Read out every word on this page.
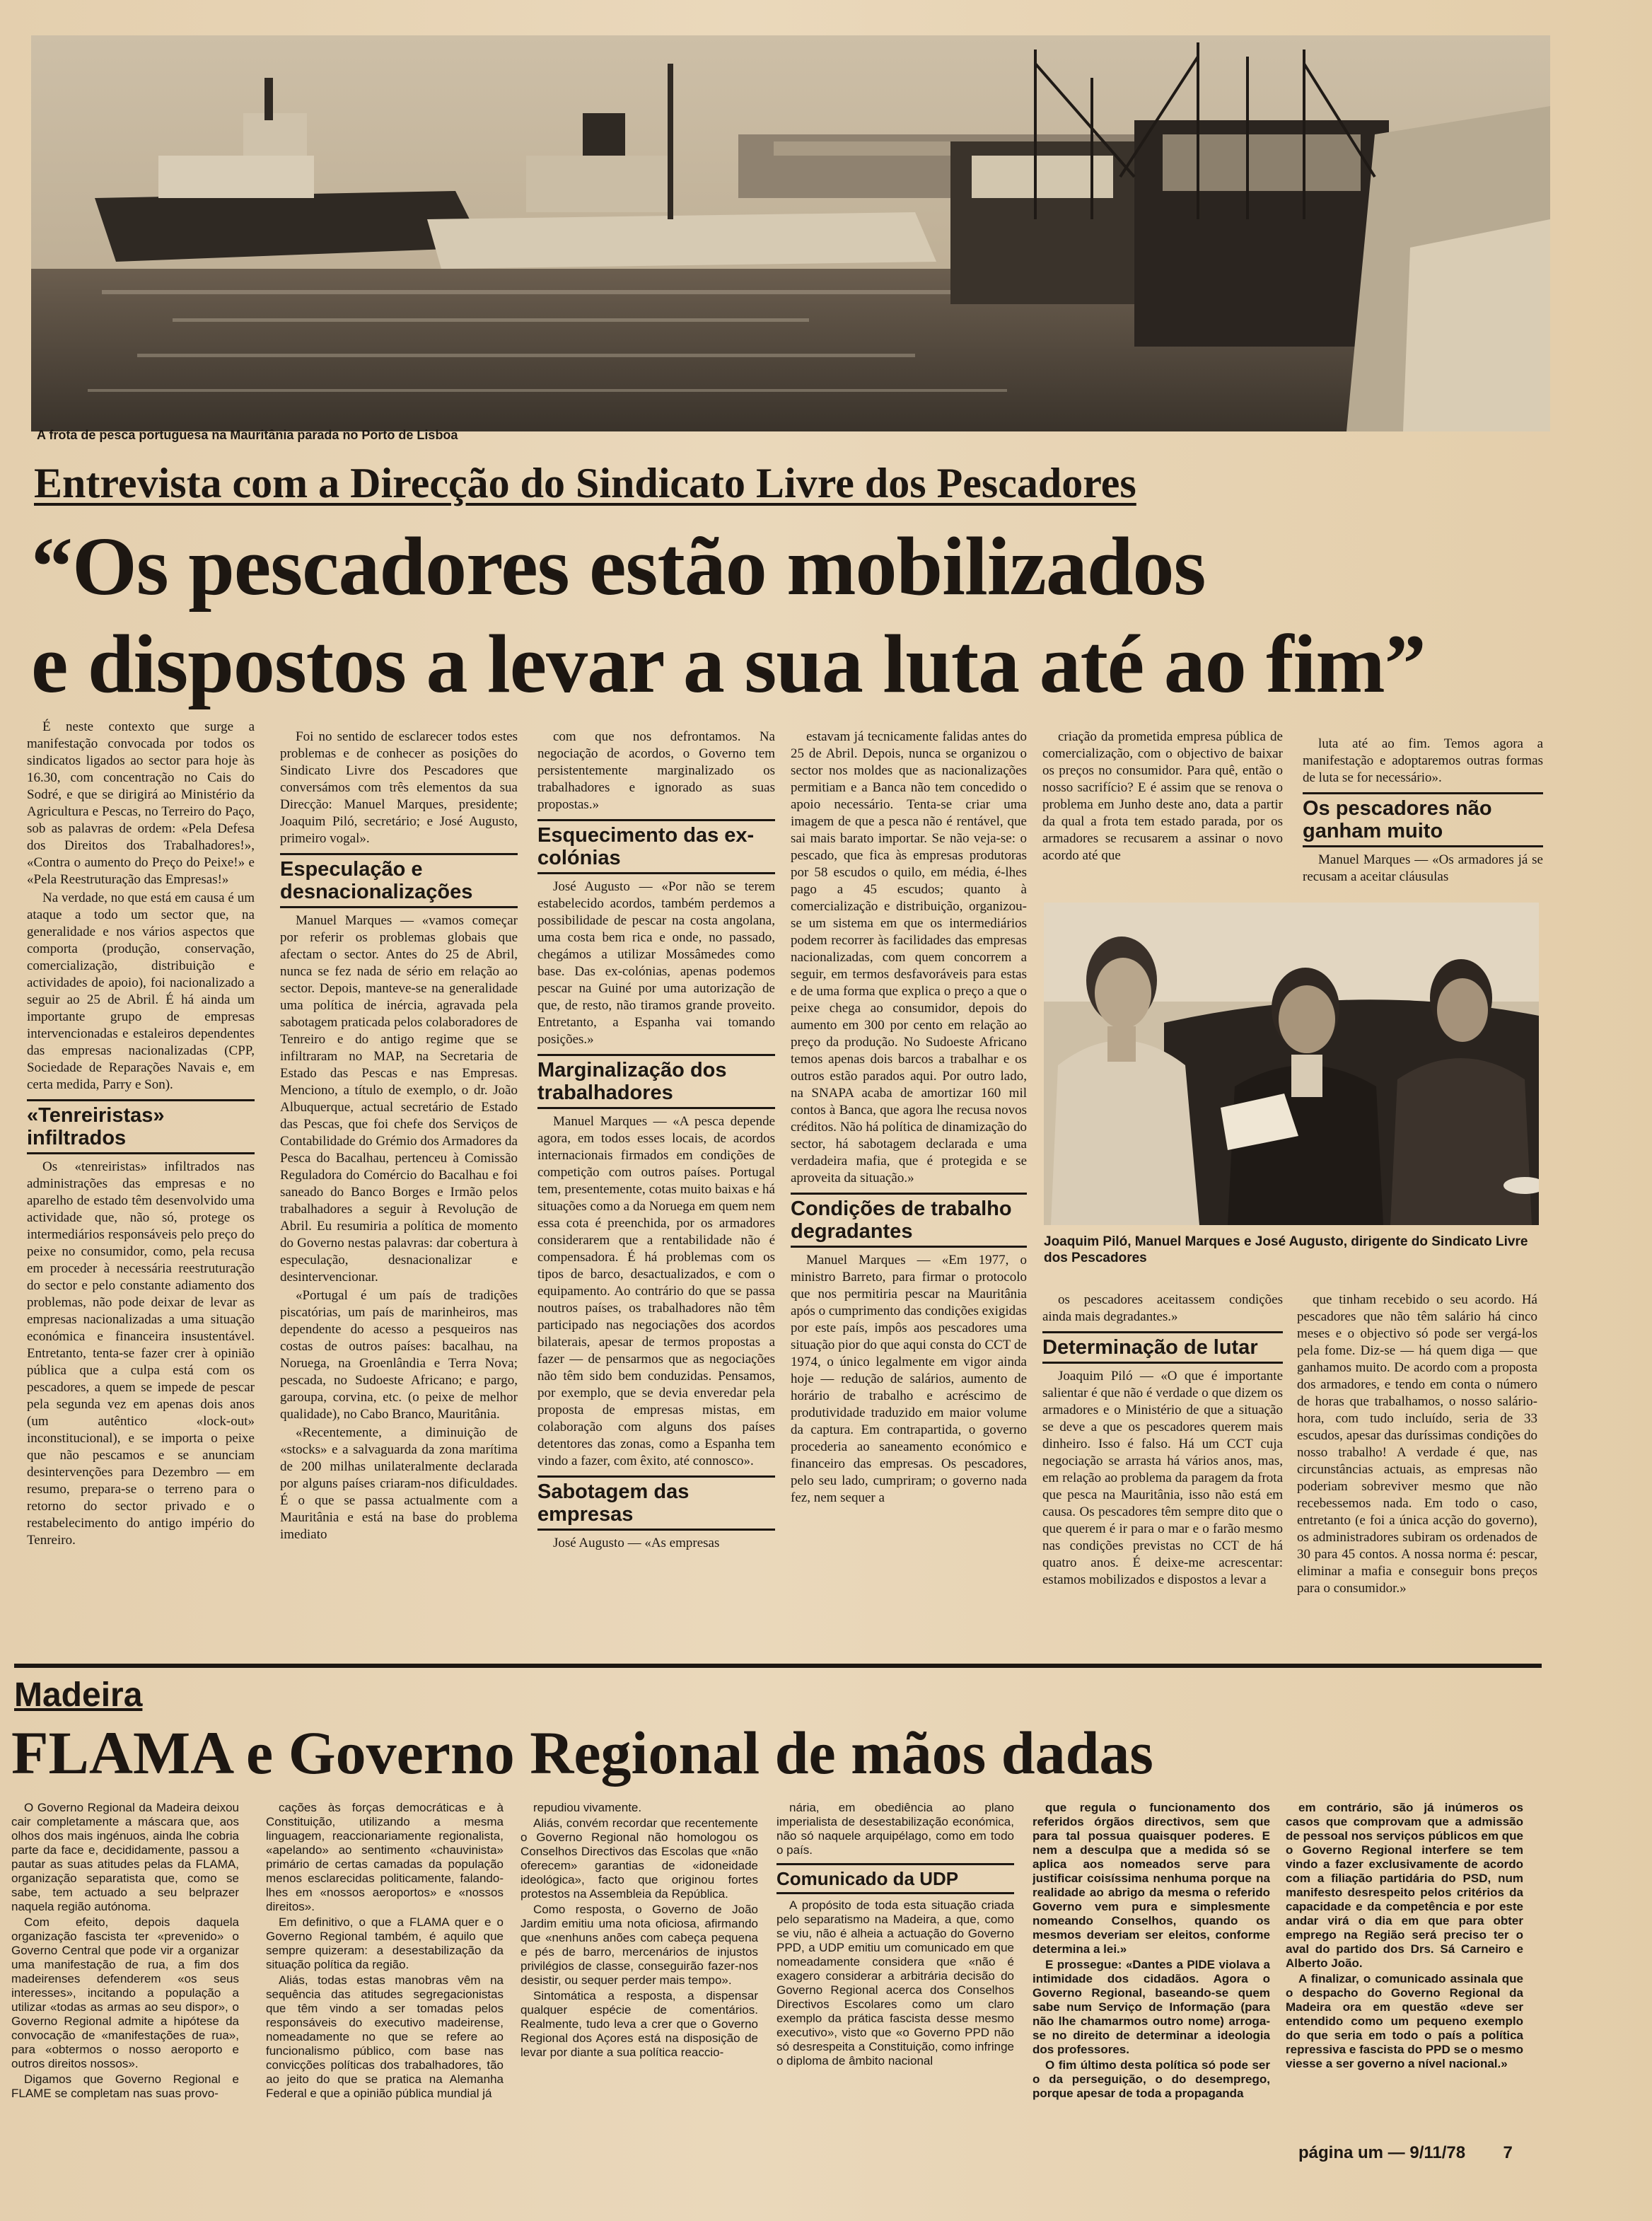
A frota de pesca portuguesa na Mauritânia parada no Porto de Lisboa
Entrevista com a Direcção do Sindicato Livre dos Pescadores
“Os pescadores estão mobilizados
e dispostos a levar a sua luta até ao fim”

É neste contexto que surge a manifestação convocada por todos os sindicatos ligados ao sector para hoje às 16.30, com concentração no Cais do Sodré, e que se dirigirá ao Ministério da Agricultura e Pescas, no Terreiro do Paço, sob as palavras de ordem: «Pela Defesa dos Direitos dos Trabalhadores!», «Contra o aumento do Preço do Peixe!» e «Pela Reestruturação das Empresas!»

Na verdade, no que está em causa é um ataque a todo um sector que, na generalidade e nos vários aspectos que comporta (produção, conservação, comercialização, distribuição e actividades de apoio), foi nacionalizado a seguir ao 25 de Abril. É há ainda um importante grupo de empresas intervencionadas e estaleiros dependentes das empresas nacionalizadas (CPP, Sociedade de Reparações Navais e, em certa medida, Parry e Son).

«Tenreiristas» infiltrados

Os «tenreiristas» infiltrados nas administrações das empresas e no aparelho de estado têm desenvolvido uma actividade que, não só, protege os intermediários responsáveis pelo preço do peixe no consumidor, como, pela recusa em proceder à necessária reestruturação do sector e pelo constante adiamento dos problemas, não pode deixar de levar as empresas nacionalizadas a uma situação económica e financeira insustentável. Entretanto, tenta-se fazer crer à opinião pública que a culpa está com os pescadores, a quem se impede de pescar pela segunda vez em apenas dois anos (um autêntico «lock-out» inconstitucional), e se importa o peixe que não pescamos e se anunciam desintervenções para Dezembro — em resumo, prepara-se o terreno para o retorno do sector privado e o restabelecimento do antigo império do Tenreiro.

Foi no sentido de esclarecer todos estes problemas e de conhecer as posições do Sindicato Livre dos Pescadores que conversámos com três elementos da sua Direcção: Manuel Marques, presidente; Joaquim Piló, secretário; e José Augusto, primeiro vogal».

Especulação e desnacionalizações

Manuel Marques — «vamos começar por referir os problemas globais que afectam o sector. Antes do 25 de Abril, nunca se fez nada de sério em relação ao sector. Depois, manteve-se na generalidade uma política de inércia, agravada pela sabotagem praticada pelos colaboradores de Tenreiro e do antigo regime que se infiltraram no MAP, na Secretaria de Estado das Pescas e nas Empresas. Menciono, a título de exemplo, o dr. João Albuquerque, actual secretário de Estado das Pescas, que foi chefe dos Serviços de Contabilidade do Grémio dos Armadores da Pesca do Bacalhau, pertenceu à Comissão Reguladora do Comércio do Bacalhau e foi saneado do Banco Borges e Irmão pelos trabalhadores a seguir à Revolução de Abril. Eu resumiria a política de momento do Governo nestas palavras: dar cobertura à especulação, desnacionalizar e desintervencionar.

«Portugal é um país de tradições piscatórias, um país de marinheiros, mas dependente do acesso a pesqueiros nas costas de outros países: bacalhau, na Noruega, na Groenlândia e Terra Nova; pescada, no Sudoeste Africano; e pargo, garoupa, corvina, etc. (o peixe de melhor qualidade), no Cabo Branco, Mauritânia.

«Recentemente, a diminuição de «stocks» e a salvaguarda da zona marítima de 200 milhas unilateralmente declarada por alguns países criaram-nos dificuldades. É o que se passa actualmente com a Mauritânia e está na base do problema imediato

com que nos defrontamos. Na negociação de acordos, o Governo tem persistentemente marginalizado os trabalhadores e ignorado as suas propostas.»

Esquecimento das ex-colónias

José Augusto — «Por não se terem estabelecido acordos, também perdemos a possibilidade de pescar na costa angolana, uma costa bem rica e onde, no passado, chegámos a utilizar Mossâmedes como base. Das ex-colónias, apenas podemos pescar na Guiné por uma autorização de que, de resto, não tiramos grande proveito. Entretanto, a Espanha vai tomando posições.»

Marginalização dos trabalhadores

Manuel Marques — «A pesca depende agora, em todos esses locais, de acordos internacionais firmados em condições de competição com outros países. Portugal tem, presentemente, cotas muito baixas e há situações como a da Noruega em quem nem essa cota é preenchida, por os armadores considerarem que a rentabilidade não é compensadora. É há problemas com os tipos de barco, desactualizados, e com o equipamento. Ao contrário do que se passa noutros países, os trabalhadores não têm participado nas negociações dos acordos bilaterais, apesar de termos propostas a fazer — de pensarmos que as negociações não têm sido bem conduzidas. Pensamos, por exemplo, que se devia enveredar pela proposta de empresas mistas, em colaboração com alguns dos países detentores das zonas, como a Espanha tem vindo a fazer, com êxito, até connosco».

Sabotagem das empresas

José Augusto — «As empresas

estavam já tecnicamente falidas antes do 25 de Abril. Depois, nunca se organizou o sector nos moldes que as nacionalizações permitiam e a Banca não tem concedido o apoio necessário. Tenta-se criar uma imagem de que a pesca não é rentável, que sai mais barato importar. Se não veja-se: o pescado, que fica às empresas produtoras por 58 escudos o quilo, em média, é-lhes pago a 45 escudos; quanto à comercialização e distribuição, organizou-se um sistema em que os intermediários podem recorrer às facilidades das empresas nacionalizadas, com quem concorrem a seguir, em termos desfavoráveis para estas e de uma forma que explica o preço a que o peixe chega ao consumidor, depois do aumento em 300 por cento em relação ao preço da produção. No Sudoeste Africano temos apenas dois barcos a trabalhar e os outros estão parados aqui. Por outro lado, na SNAPA acaba de amortizar 160 mil contos à Banca, que agora lhe recusa novos créditos. Não há política de dinamização do sector, há sabotagem declarada e uma verdadeira mafia, que é protegida e se aproveita da situação.»

Condições de trabalho degradantes

Manuel Marques — «Em 1977, o ministro Barreto, para firmar o protocolo que nos permitiria pescar na Mauritânia após o cumprimento das condições exigidas por este país, impôs aos pescadores uma situação pior do que aqui consta do CCT de 1974, o único legalmente em vigor ainda hoje — redução de salários, aumento de horário de trabalho e acréscimo de produtividade traduzido em maior volume da captura. Em contrapartida, o governo procederia ao saneamento económico e financeiro das empresas. Os pescadores, pelo seu lado, cumpriram; o governo nada fez, nem sequer a

criação da prometida empresa pública de comercialização, com o objectivo de baixar os preços no consumidor. Para quê, então o nosso sacrifício? E é assim que se renova o problema em Junho deste ano, data a partir da qual a frota tem estado parada, por os armadores se recusarem a assinar o novo acordo até que

luta até ao fim. Temos agora a manifestação e adoptaremos outras formas de luta se for necessário».

Os pescadores não ganham muito

Manuel Marques — «Os armadores já se recusam a aceitar cláusulas

Joaquim Piló, Manuel Marques e José Augusto, dirigente do Sindicato Livre dos Pescadores

os pescadores aceitassem condições ainda mais degradantes.»

Determinação de lutar

Joaquim Piló — «O que é importante salientar é que não é verdade o que dizem os armadores e o Ministério de que a situação se deve a que os pescadores querem mais dinheiro. Isso é falso. Há um CCT cuja negociação se arrasta há vários anos, mas, em relação ao problema da paragem da frota que pesca na Mauritânia, isso não está em causa. Os pescadores têm sempre dito que o que querem é ir para o mar e o farão mesmo nas condições previstas no CCT de há quatro anos. É deixe-me acrescentar: estamos mobilizados e dispostos a levar a

que tinham recebido o seu acordo. Há pescadores que não têm salário há cinco meses e o objectivo só pode ser vergá-los pela fome. Diz-se — há quem diga — que ganhamos muito. De acordo com a proposta dos armadores, e tendo em conta o número de horas que trabalhamos, o nosso salário-hora, com tudo incluído, seria de 33 escudos, apesar das duríssimas condições do nosso trabalho! A verdade é que, nas circunstâncias actuais, as empresas não poderiam sobreviver mesmo que não recebessemos nada. Em todo o caso, entretanto (e foi a única acção do governo), os administradores subiram os ordenados de 30 para 45 contos. A nossa norma é: pescar, eliminar a mafia e conseguir bons preços para o consumidor.»

Madeira
FLAMA e Governo Regional de mãos dadas

O Governo Regional da Madeira deixou cair completamente a máscara que, aos olhos dos mais ingénuos, ainda lhe cobria parte da face e, decididamente, passou a pautar as suas atitudes pelas da FLAMA, organização separatista que, como se sabe, tem actuado a seu belprazer naquela região autónoma.

Com efeito, depois daquela organização fascista ter «prevenido» o Governo Central que pode vir a organizar uma manifestação de rua, a fim dos madeirenses defenderem «os seus interesses», incitando a população a utilizar «todas as armas ao seu dispor», o Governo Regional admite a hipótese da convocação de «manifestações de rua», para «obtermos o nosso aeroporto e outros direitos nossos».

Digamos que Governo Regional e FLAME se completam nas suas provo-

cações às forças democráticas e à Constituição, utilizando a mesma linguagem, reaccionariamente regionalista, «apelando» ao sentimento «chauvinista» primário de certas camadas da população menos esclarecidas politicamente, falando-lhes em «nossos aeroportos» e «nossos direitos».

Em definitivo, o que a FLAMA quer e o Governo Regional também, é aquilo que sempre quizeram: a desestabilização da situação política da região.

Aliás, todas estas manobras vêm na sequência das atitudes segregacionistas que têm vindo a ser tomadas pelos responsáveis do executivo madeirense, nomeadamente no que se refere ao funcionalismo público, com base nas convicções políticas dos trabalhadores, tão ao jeito do que se pratica na Alemanha Federal e que a opinião pública mundial já

repudiou vivamente.

Aliás, convém recordar que recentemente o Governo Regional não homologou os Conselhos Directivos das Escolas que «não oferecem» garantias de «idoneidade ideológica», facto que originou fortes protestos na Assembleia da República.

Como resposta, o Governo de João Jardim emitiu uma nota oficiosa, afirmando que «nenhuns anões com cabeça pequena e pés de barro, mercenários de injustos privilégios de classe, conseguirão fazer-nos desistir, ou sequer perder mais tempo».

Sintomática a resposta, a dispensar qualquer espécie de comentários. Realmente, tudo leva a crer que o Governo Regional dos Açores está na disposição de levar por diante a sua política reaccio-

nária, em obediência ao plano imperialista de desestabilização económica, não só naquele arquipélago, como em todo o país.

Comunicado da UDP

A propósito de toda esta situação criada pelo separatismo na Madeira, a que, como se viu, não é alheia a actuação do Governo PPD, a UDP emitiu um comunicado em que nomeadamente considera que «não é exagero considerar a arbitrária decisão do Governo Regional acerca dos Conselhos Directivos Escolares como um claro exemplo da prática fascista desse mesmo executivo», visto que «o Governo PPD não só desrespeita a Constituição, como infringe o diploma de âmbito nacional

que regula o funcionamento dos referidos órgãos directivos, sem que para tal possua quaisquer poderes. E nem a desculpa que a medida só se aplica aos nomeados serve para justificar coisíssima nenhuma porque na realidade ao abrigo da mesma o referido Governo vem pura e simplesmente nomeando Conselhos, quando os mesmos deveriam ser eleitos, conforme determina a lei.»

E prossegue: «Dantes a PIDE violava a intimidade dos cidadãos. Agora o Governo Regional, baseando-se quem sabe num Serviço de Informação (para não lhe chamarmos outro nome) arroga-se no direito de determinar a ideologia dos professores.

O fim último desta política só pode ser o da perseguição, o do desemprego, porque apesar de toda a propaganda

em contrário, são já inúmeros os casos que comprovam que a admissão de pessoal nos serviços públicos em que o Governo Regional interfere se tem vindo a fazer exclusivamente de acordo com a filiação partidária do PSD, num manifesto desrespeito pelos critérios da capacidade e da competência e por este andar virá o dia em que para obter emprego na Região será preciso ter o aval do partido dos Drs. Sá Carneiro e Alberto João.

A finalizar, o comunicado assinala que o despacho do Governo Regional da Madeira ora em questão «deve ser entendido como um pequeno exemplo do que seria em todo o país a política repressiva e fascista do PPD se o mesmo viesse a ser governo a nível nacional.»

página um — 9/11/78 7
